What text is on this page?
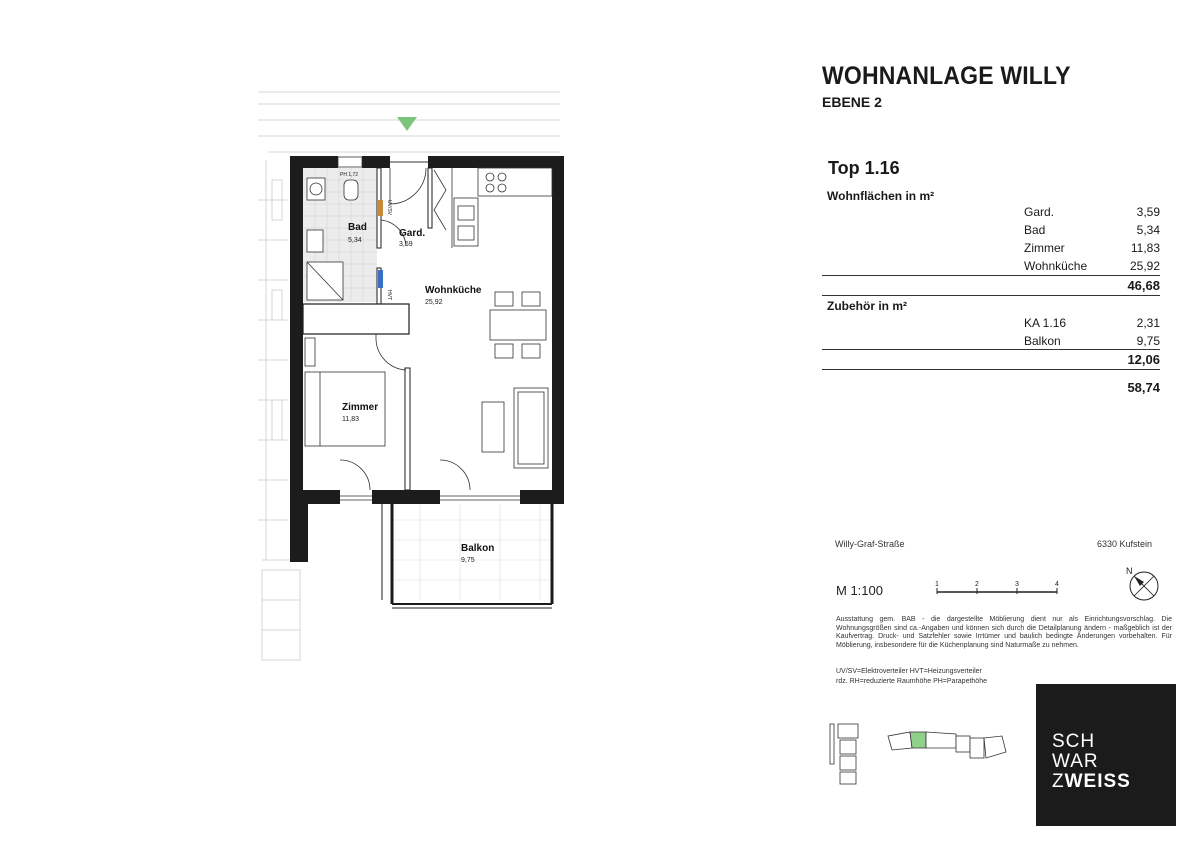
Bad
5,34
Gard.
3,59
Wohnküche
25,92
Zimmer
11,83
Balkon
9,75
PH 1,72
UV/SV
HVT
WOHNANLAGE WILLY
EBENE 2
Top 1.16
Wohnflächen in m²
Gard.	3,59
Bad	5,34
Zimmer	11,83
Wohnküche	25,92
46,68
Zubehör in m²
KA 1.16	2,31
Balkon	9,75
12,06
58,74
Willy-Graf-Straße	6330 Kufstein
M 1:100	1	2	3	4
N
Ausstattung gem. BAB - die dargestellte Möblierung dient nur als Einrichtungsvorschlag. Die Wohnungsgrößen sind ca.-Angaben und können sich durch die Detailplanung ändern - maßgeblich ist der Kaufvertrag. Druck- und Satzfehler sowie Irrtümer und baulich bedingte Änderungen vorbehalten. Für Möblierung, insbesondere für die Küchenplanung sind Naturmaße zu nehmen.
UV/SV=Elektroverteiler HVT=Heizungsverteiler
rdz. RH=reduzierte Raumhöhe PH=Parapethöhe
SCH
WAR
ZWEISS
